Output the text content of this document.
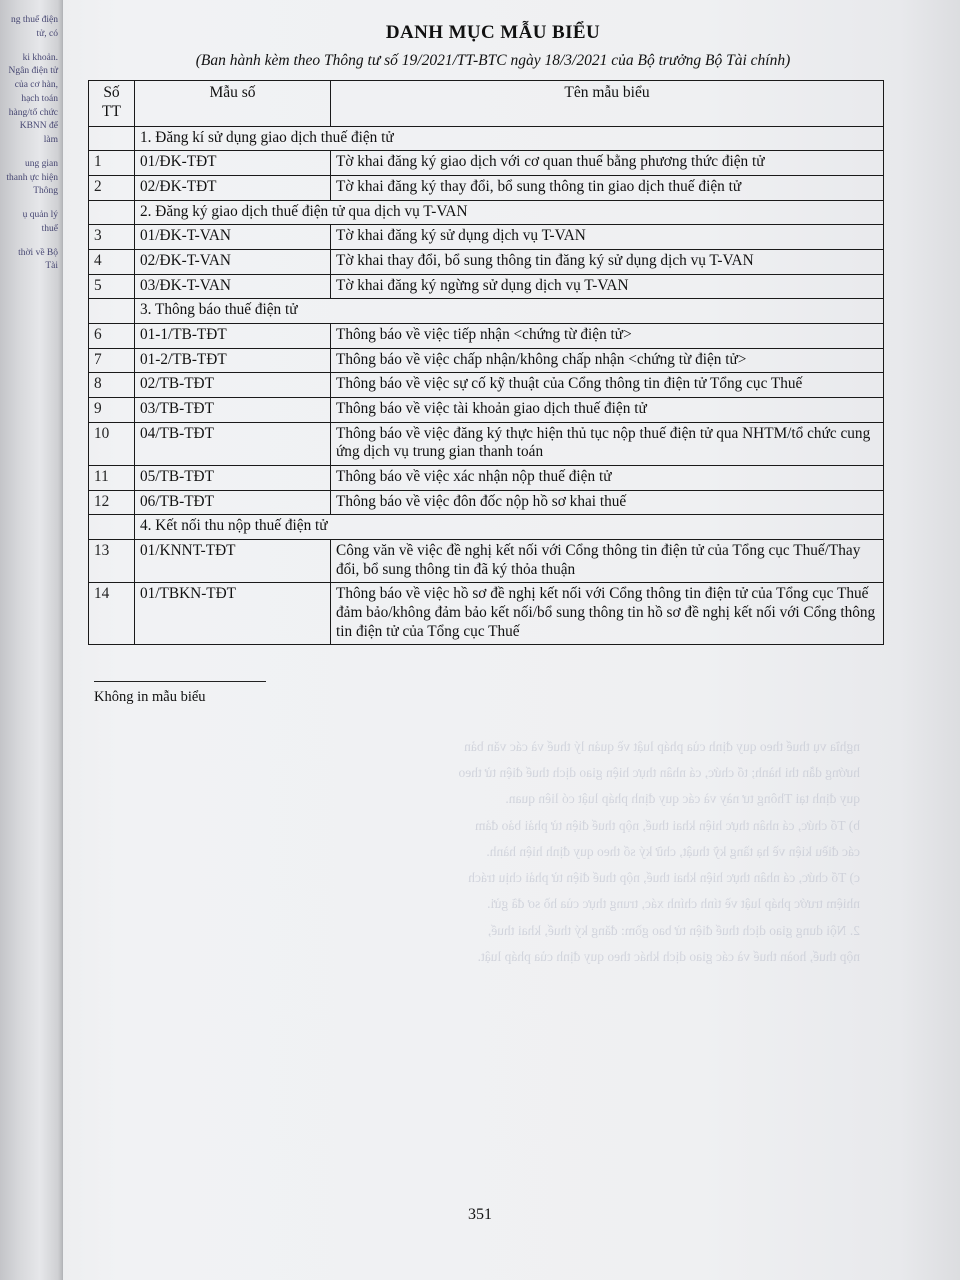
ng thuế điện tử, có

ki khoản. Ngân điện tử của cơ hàn, hạch toán hàng/tổ chức KBNN để làm

ung gian thanh ực hiện Thông

ụ quản lý thuế

thời về Bộ Tài

DANH MỤC MẪU BIỂU
(Ban hành kèm theo Thông tư số 19/2021/TT-BTC ngày 18/3/2021 của Bộ trưởng Bộ Tài chính)
Số TT	Mẫu số	Tên mẫu biểu
	1. Đăng kí sử dụng giao dịch thuế điện tử	
1	01/ĐK-TĐT	Tờ khai đăng ký giao dịch với cơ quan thuế bằng phương thức điện tử
2	02/ĐK-TĐT	Tờ khai đăng ký thay đổi, bổ sung thông tin giao dịch thuế điện tử
	2. Đăng ký giao dịch thuế điện tử qua dịch vụ T-VAN	
3	01/ĐK-T-VAN	Tờ khai đăng ký sử dụng dịch vụ T-VAN
4	02/ĐK-T-VAN	Tờ khai thay đổi, bổ sung thông tin đăng ký sử dụng dịch vụ T-VAN
5	03/ĐK-T-VAN	Tờ khai đăng ký ngừng sử dụng dịch vụ T-VAN
	3. Thông báo thuế điện tử	
6	01-1/TB-TĐT	Thông báo về việc tiếp nhận <chứng từ điện tử>
7	01-2/TB-TĐT	Thông báo về việc chấp nhận/không chấp nhận <chứng từ điện tử>
8	02/TB-TĐT	Thông báo về việc sự cố kỹ thuật của Cổng thông tin điện tử Tổng cục Thuế
9	03/TB-TĐT	Thông báo về việc tài khoản giao dịch thuế điện tử
10	04/TB-TĐT	Thông báo về việc đăng ký thực hiện thủ tục nộp thuế điện tử qua NHTM/tổ chức cung ứng dịch vụ trung gian thanh toán
11	05/TB-TĐT	Thông báo về việc xác nhận nộp thuế điện tử
12	06/TB-TĐT	Thông báo về việc đôn đốc nộp hồ sơ khai thuế
	4. Kết nối thu nộp thuế điện tử	
13	01/KNNT-TĐT	Công văn về việc đề nghị kết nối với Cổng thông tin điện tử của Tổng cục Thuế/Thay đổi, bổ sung thông tin đã ký thỏa thuận
14	01/TBKN-TĐT	Thông báo về việc hồ sơ đề nghị kết nối với Cổng thông tin điện tử của Tổng cục Thuế đảm bảo/không đảm bảo kết nối/bổ sung thông tin hồ sơ đề nghị kết nối với Cổng thông tin điện tử của Tổng cục Thuế
Không in mẫu biểu

nghĩa vụ thuế theo quy định của pháp luật về quản lý thuế và các văn bản

hướng dẫn thi hành; tổ chức, cá nhân thực hiện giao dịch thuế điện tử theo

quy định tại Thông tư này và các quy định pháp luật có liên quan.

b) Tổ chức, cá nhân thực hiện khai thuế, nộp thuế điện tử phải bảo đảm

các điều kiện về hạ tầng kỹ thuật, chữ ký số theo quy định hiện hành.

c) Tổ chức, cá nhân thực hiện khai thuế, nộp thuế điện tử phải chịu trách

nhiệm trước pháp luật về tính chính xác, trung thực của hồ sơ đã gửi.

2. Nội dung giao dịch thuế điện tử bao gồm: đăng ký thuế, khai thuế,

nộp thuế, hoàn thuế và các giao dịch khác theo quy định của pháp luật.

351
